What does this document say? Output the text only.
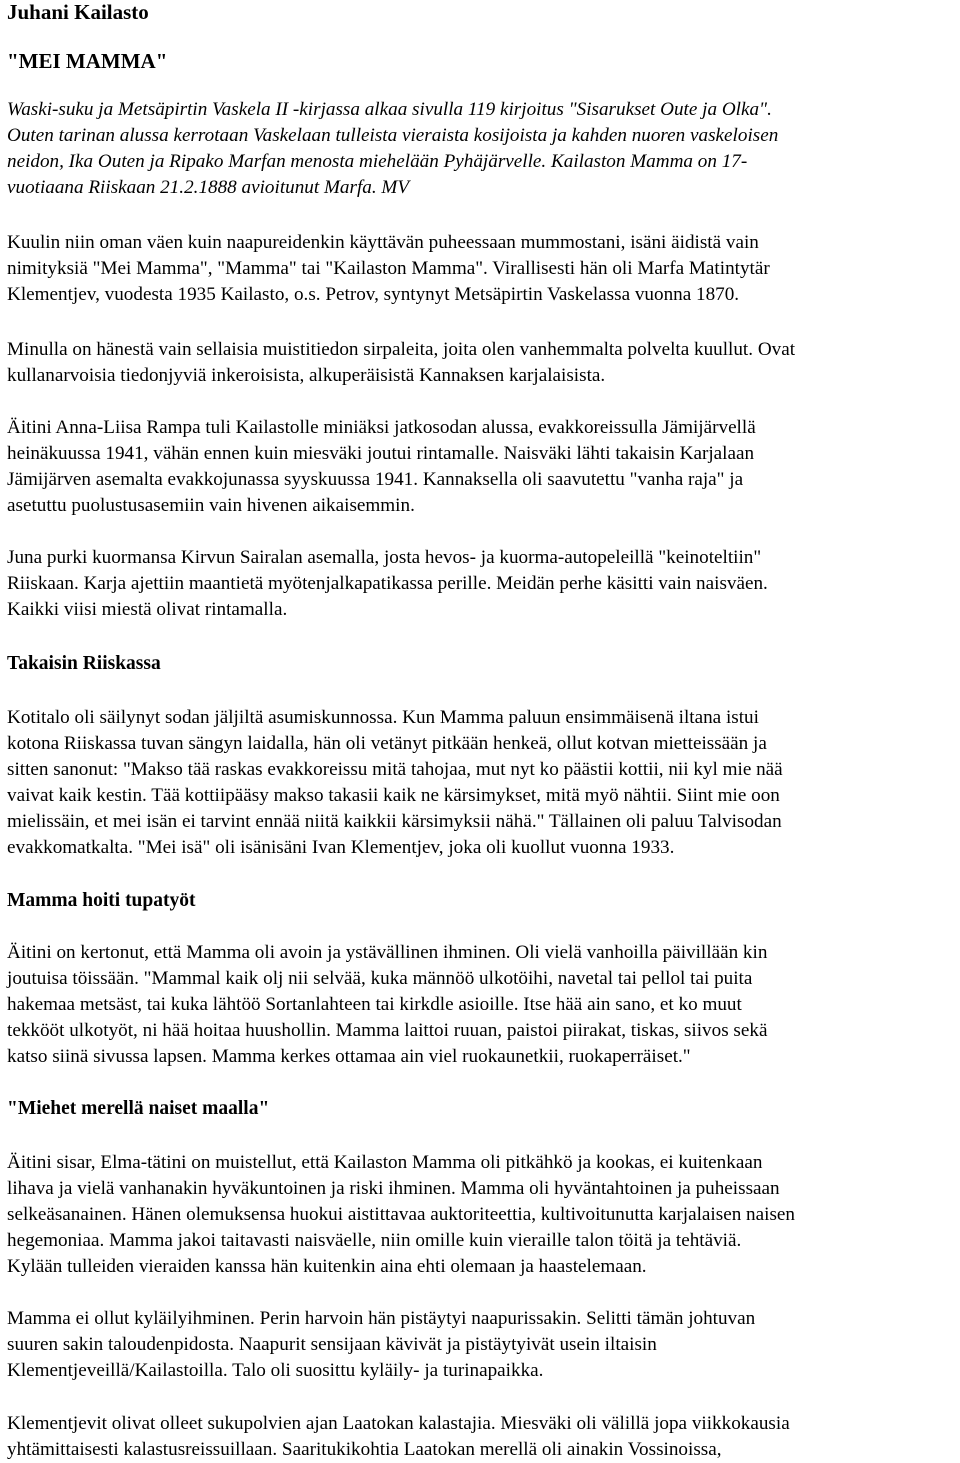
Juhani Kailasto
"MEI MAMMA"

Waski-suku ja Metsäpirtin Vaskela II -kirjassa alkaa sivulla 119 kirjoitus "Sisarukset Oute ja Olka".
Outen tarinan alussa kerrotaan Vaskelaan tulleista vieraista kosijoista ja kahden nuoren vaskeloisen
neidon, Ika Outen ja Ripako Marfan menosta miehelään Pyhäjärvelle. Kailaston Mamma on 17-
vuotiaana Riiskaan 21.2.1888 avioitunut Marfa. MV

Kuulin niin oman väen kuin naapureidenkin käyttävän puheessaan mummostani, isäni äidistä vain
nimityksiä "Mei Mamma", "Mamma" tai "Kailaston Mamma". Virallisesti hän oli Marfa Matintytär
Klementjev, vuodesta 1935 Kailasto, o.s. Petrov, syntynyt Metsäpirtin Vaskelassa vuonna 1870.

Minulla on hänestä vain sellaisia muistitiedon sirpaleita, joita olen vanhemmalta polvelta kuullut. Ovat
kullanarvoisia tiedonjyviä inkeroisista, alkuperäisistä Kannaksen karjalaisista.

Äitini Anna-Liisa Rampa tuli Kailastolle miniäksi jatkosodan alussa, evakkoreissulla Jämijärvellä
heinäkuussa 1941, vähän ennen kuin miesväki joutui rintamalle. Naisväki lähti takaisin Karjalaan
Jämijärven asemalta evakkojunassa syyskuussa 1941. Kannaksella oli saavutettu "vanha raja" ja
asetuttu puolustusasemiin vain hivenen aikaisemmin.

Juna purki kuormansa Kirvun Sairalan asemalla, josta hevos- ja kuorma-autopeleillä "keinoteltiin"
Riiskaan. Karja ajettiin maantietä myötenjalkapatikassa perille. Meidän perhe käsitti vain naisväen.
Kaikki viisi miestä olivat rintamalla.

Takaisin Riiskassa

Kotitalo oli säilynyt sodan jäljiltä asumiskunnossa. Kun Mamma paluun ensimmäisenä iltana istui
kotona Riiskassa tuvan sängyn laidalla, hän oli vetänyt pitkään henkeä, ollut kotvan mietteissään ja
sitten sanonut: "Makso tää raskas evakkoreissu mitä tahojaa, mut nyt ko päästii kottii, nii kyl mie nää
vaivat kaik kestin. Tää kottiipääsy makso takasii kaik ne kärsimykset, mitä myö nähtii. Siint mie oon
mielissäin, et mei isän ei tarvint ennää niitä kaikkii kärsimyksii nähä." Tällainen oli paluu Talvisodan
evakkomatkalta. "Mei isä" oli isänisäni Ivan Klementjev, joka oli kuollut vuonna 1933.

Mamma hoiti tupatyöt

Äitini on kertonut, että Mamma oli avoin ja ystävällinen ihminen. Oli vielä vanhoilla päivillään kin
joutuisa töissään. "Mammal kaik olj nii selvää, kuka männöö ulkotöihi, navetal tai pellol tai puita
hakemaa metsäst, tai kuka lähtöö Sortanlahteen tai kirkdle asioille. Itse hää ain sano, et ko muut
tekkööt ulkotyöt, ni hää hoitaa huushollin. Mamma laittoi ruuan, paistoi piirakat, tiskas, siivos sekä
katso siinä sivussa lapsen. Mamma kerkes ottamaa ain viel ruokaunetkii, ruokaperräiset."

"Miehet merellä naiset maalla"

Äitini sisar, Elma-tätini on muistellut, että Kailaston Mamma oli pitkähkö ja kookas, ei kuitenkaan
lihava ja vielä vanhanakin hyväkuntoinen ja riski ihminen. Mamma oli hyväntahtoinen ja puheissaan
selkeäsanainen. Hänen olemuksensa huokui aistittavaa auktoriteettia, kultivoitunutta karjalaisen naisen
hegemoniaa. Mamma jakoi taitavasti naisväelle, niin omille kuin vieraille talon töitä ja tehtäviä.
Kylään tulleiden vieraiden kanssa hän kuitenkin aina ehti olemaan ja haastelemaan.

Mamma ei ollut kyläilyihminen. Perin harvoin hän pistäytyi naapurissakin. Selitti tämän johtuvan
suuren sakin taloudenpidosta. Naapurit sensijaan kävivät ja pistäytyivät usein iltaisin
Klementjeveillä/Kailastoilla. Talo oli suosittu kyläily- ja turinapaikka.

Klementjevit olivat olleet sukupolvien ajan Laatokan kalastajia. Miesväki oli välillä jopa viikkokausia
yhtämittaisesti kalastusreissuillaan. Saaritukikohtia Laatokan merellä oli ainakin Vossinoissa,
